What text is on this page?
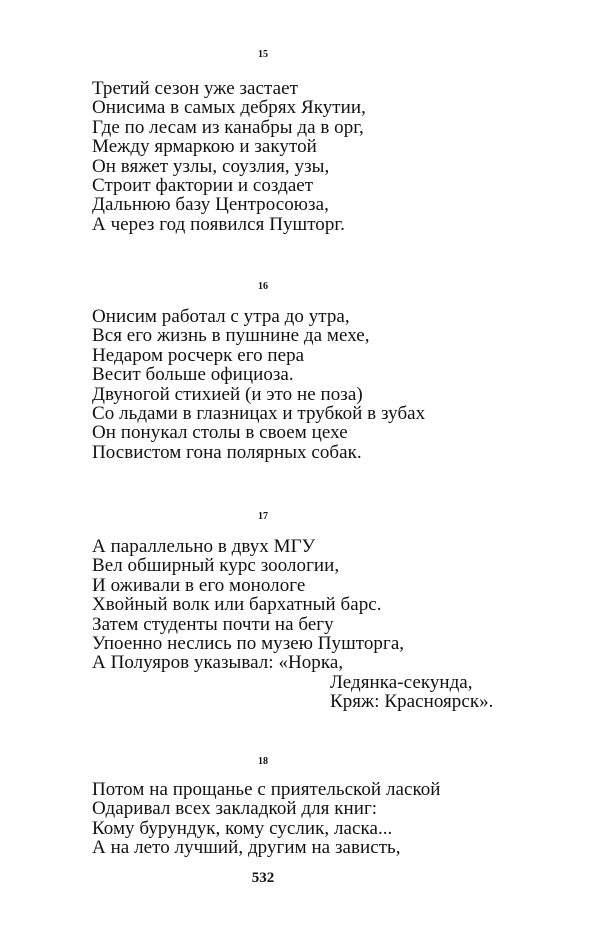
15
Третий сезон уже застает
Онисима в самых дебрях Якутии,
Где по лесам из канабры да в орг,
Между ярмаркою и закутой
Он вяжет узлы, соузлия, узы,
Строит фактории и создает
Дальнюю базу Центросоюза,
А через год появился Пушторг.
16
Онисим работал с утра до утра,
Вся его жизнь в пушнине да мехе,
Недаром росчерк его пера
Весит больше официоза.
Двуногой стихией (и это не поза)
Со льдами в глазницах и трубкой в зубах
Он понукал столы в своем цехе
Посвистом гона полярных собак.
17
А параллельно в двух МГУ
Вел обширный курс зоологии,
И оживали в его монологе
Хвойный волк или бархатный барс.
Затем студенты почти на бегу
Упоенно неслись по музею Пушторга,
А Полуяров указывал: «Норка,
Ледянка-секунда,
Кряж: Красноярск».
18
Потом на прощанье с приятельской лаской
Одаривал всех закладкой для книг:
Кому бурундук, кому суслик, ласка...
А на лето лучший, другим на зависть,
532
